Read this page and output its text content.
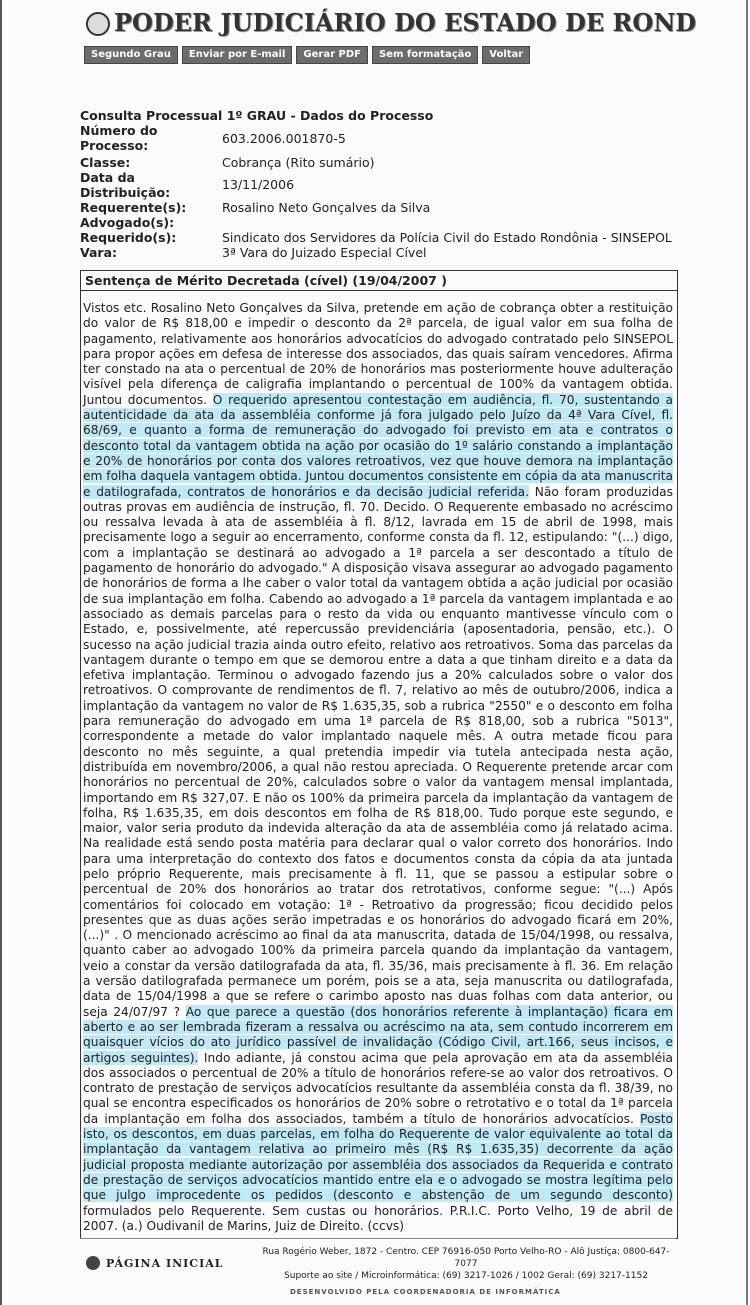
PODER JUDICIÁRIO DO ESTADO DE ROND
Segundo Grau	Enviar por E-mail	Gerar PDF	Sem formatação	Voltar
Consulta Processual 1º GRAU - Dados do Processo
Número do Processo:	603.2006.001870-5
Classe:	Cobrança (Rito sumário)
Data da Distribuição:
13/11/2006
Requerente(s):	Rosalino Neto Gonçalves da Silva
Advogado(s):
Requerido(s):	Sindicato dos Servidores da Polícia Civil do Estado Rondônia - SINSEPOL
Vara:	3ª Vara do Juizado Especial Cível
Sentença de Mérito Decretada (cível) (19/04/2007 )
Vistos etc. Rosalino Neto Gonçalves da Silva, pretende em ação de cobrança obter a restituição do valor de R$ 818,00 e impedir o desconto da 2ª parcela, de igual valor em sua folha de pagamento, relativamente aos honorários advocatícios do advogado contratado pelo SINSEPOL para propor ações em defesa de interesse dos associados, das quais saíram vencedores. Afirma ter constado na ata o percentual de 20% de honorários mas posteriormente houve adulteração visível pela diferença de caligrafia implantando o percentual de 100% da vantagem obtida. Juntou documentos. O requerido apresentou contestação em audiência, fl. 70, sustentando a autenticidade da ata da assembléia conforme já fora julgado pelo Juízo da 4ª Vara Cível, fl. 68/69, e quanto a forma de remuneração do advogado foi previsto em ata e contratos o desconto total da vantagem obtida na ação por ocasião do 1º salário constando a implantação e 20% de honorários por conta dos valores retroativos, vez que houve demora na implantação em folha daquela vantagem obtida. Juntou documentos consistente em cópia da ata manuscrita e datilografada, contratos de honorários e da decisão judicial referida. Não foram produzidas outras provas em audiência de instrução, fl. 70. Decido. O Requerente embasado no acréscimo ou ressalva levada à ata de assembléia à fl. 8/12, lavrada em 15 de abril de 1998, mais precisamente logo a seguir ao encerramento, conforme consta da fl. 12, estipulando: "(...) digo, com a implantação se destinará ao advogado a 1ª parcela a ser descontado a título de pagamento de honorário do advogado." A disposição visava assegurar ao advogado pagamento de honorários de forma a lhe caber o valor total da vantagem obtida a ação judicial por ocasião de sua implantação em folha. Cabendo ao advogado a 1ª parcela da vantagem implantada e ao associado as demais parcelas para o resto da vida ou enquanto mantivesse vínculo com o Estado, e, possivelmente, até repercussão previdenciária (aposentadoria, pensão, etc.). O sucesso na ação judicial trazia ainda outro efeito, relativo aos retroativos. Soma das parcelas da vantagem durante o tempo em que se demorou entre a data a que tinham direito e a data da efetiva implantação. Terminou o advogado fazendo jus a 20% calculados sobre o valor dos retroativos. O comprovante de rendimentos de fl. 7, relativo ao mês de outubro/2006, indica a implantação da vantagem no valor de R$ 1.635,35, sob a rubrica "2550" e o desconto em folha para remuneração do advogado em uma 1ª parcela de R$ 818,00, sob a rubrica "5013", correspondente a metade do valor implantado naquele mês. A outra metade ficou para desconto no mês seguinte, a qual pretendia impedir via tutela antecipada nesta ação, distribuída em novembro/2006, a qual não restou apreciada. O Requerente pretende arcar com honorários no percentual de 20%, calculados sobre o valor da vantagem mensal implantada, importando em R$ 327,07. E não os 100% da primeira parcela da implantação da vantagem de folha, R$ 1.635,35, em dois descontos em folha de R$ 818,00. Tudo porque este segundo, e maior, valor seria produto da indevida alteração da ata de assembléia como já relatado acima. Na realidade está sendo posta matéria para declarar qual o valor correto dos honorários. Indo para uma interpretação do contexto dos fatos e documentos consta da cópia da ata juntada pelo próprio Requerente, mais precisamente à fl. 11, que se passou a estipular sobre o percentual de 20% dos honorários ao tratar dos retrotativos, conforme segue: "(...) Após comentários foi colocado em votação: 1ª - Retroativo da progressão; ficou decidido pelos presentes que as duas ações serão impetradas e os honorários do advogado ficará em 20%, (...)" . O mencionado acréscimo ao final da ata manuscrita, datada de 15/04/1998, ou ressalva, quanto caber ao advogado 100% da primeira parcela quando da implantação da vantagem, veio a constar da versão datilografada da ata, fl. 35/36, mais precisamente à fl. 36. Em relação a versão datilografada permanece um porém, pois se a ata, seja manuscrita ou datilografada, data de 15/04/1998 a que se refere o carimbo aposto nas duas folhas com data anterior, ou seja 24/07/97 ? Ao que parece a questão (dos honorários referente à implantação) ficara em aberto e ao ser lembrada fizeram a ressalva ou acréscimo na ata, sem contudo incorrerem em quaisquer vícios do ato jurídico passível de invalidação (Código Civil, art.166, seus incisos, e artigos seguintes). Indo adiante, já constou acima que pela aprovação em ata da assembléia dos associados o percentual de 20% a título de honorários refere-se ao valor dos retroativos. O contrato de prestação de serviços advocatícios resultante da assembléia consta da fl. 38/39, no qual se encontra especificados os honorários de 20% sobre o retrotativo e o total da 1ª parcela da implantação em folha dos associados, também a título de honorários advocatícios. Posto isto, os descontos, em duas parcelas, em folha do Requerente de valor equivalente ao total da implantação da vantagem relativa ao primeiro mês (R$ R$ 1.635,35) decorrente da ação judicial proposta mediante autorização por assembléia dos associados da Requerida e contrato de prestação de serviços advocatícios mantido entre ela e o advogado se mostra legítima pelo que julgo improcedente os pedidos (desconto e abstenção de um segundo desconto) formulados pelo Requerente. Sem custas ou honorários. P.R.I.C. Porto Velho, 19 de abril de 2007. (a.) Oudivanil de Marins, Juiz de Direito. (ccvs)
PÁGINA INICIAL
Rua Rogério Weber, 1872 - Centro. CEP 76916-050 Porto Velho-RO - Alô Justiça: 0800-647-7077
Suporte ao site / Microinformática: (69) 3217-1026 / 1002 Geral: (69) 3217-1152
DESENVOLVIDO PELA COORDENADORIA DE INFORMÁTICA
